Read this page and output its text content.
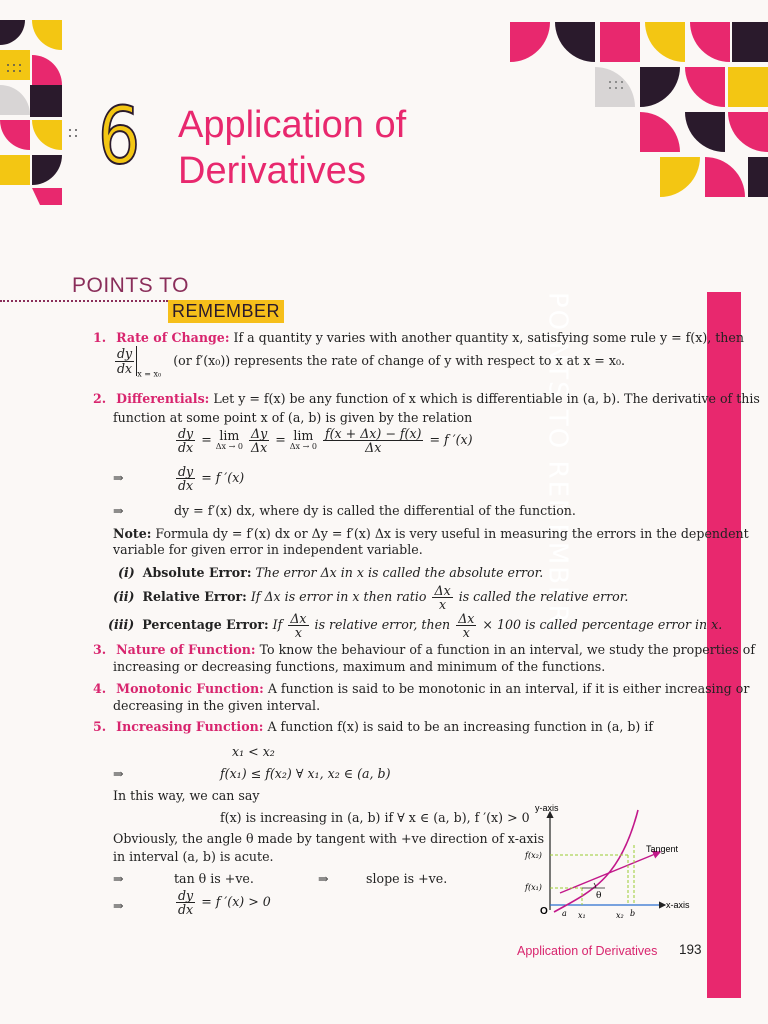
6 Application of
Derivatives
POINTS TO
REMEMBER	POINTS TO REMEMBER
1. Rate of Change: If a quantity y varies with another quantity x, satisfying some rule y = f(x), then
$\frac{dy}{dx} _{x = x_0}$ (or f′(x₀)) represents the rate of change of y with respect to x at x = x₀.
2. Differentials: Let y = f(x) be any function of x which is differentiable in (a, b). The derivative of this
function at some point x of (a, b) is given by the relation
$\frac{dy}{dx} = \lim$
Δx → 0
$\frac{\Delta y}{\Delta x} = \lim$
Δx → 0
$\frac{f(x + \Delta x) - f(x)}{\Delta x} = f$ ′(x)
⇒	$\frac{dy}{dx} = f$ ′(x)
⇒	dy = f′(x) dx, where dy is called the differential of the function.
Note: Formula dy = f′(x) dx or Δy = f′(x) Δx is very useful in measuring the errors in the dependent
variable for given error in independent variable.
(i) Absolute Error: The error Δx in x is called the absolute error.
(ii) Relative Error: If Δx is error in x then ratio $\frac{\Delta x}{x}$ is called the relative error.
(iii) Percentage Error: If $\frac{\Delta x}{x}$ is relative error, then $\frac{\Delta x}{x} \times 100$ is called percentage error in x.
3. Nature of Function: To know the behaviour of a function in an interval, we study the properties of
increasing or decreasing functions, maximum and minimum of the functions.
4. Monotonic Function: A function is said to be monotonic in an interval, if it is either increasing or
decreasing in the given interval.
5. Increasing Function: A function f(x) is said to be an increasing function in (a, b) if
x₁ < x₂
⇒	f(x₁) ≤ f(x₂) ∀ x₁, x₂ ∈ (a, b)
In this way, we can say
f(x) is increasing in (a, b) if ∀ x ∈ (a, b), f ′(x) > 0
Obviously, the angle θ made by tangent with +ve direction of x-axis
in interval (a, b) is acute.
⇒	tan θ is +ve.	⇒	slope is +ve.
⇒	$\frac{dy}{dx} = f$ ′(x) > 0
y-axis
x-axis
Tangent
f(x₂)
f(x₁)
θ
O a x₁	x₂ b
Application of Derivatives 193
